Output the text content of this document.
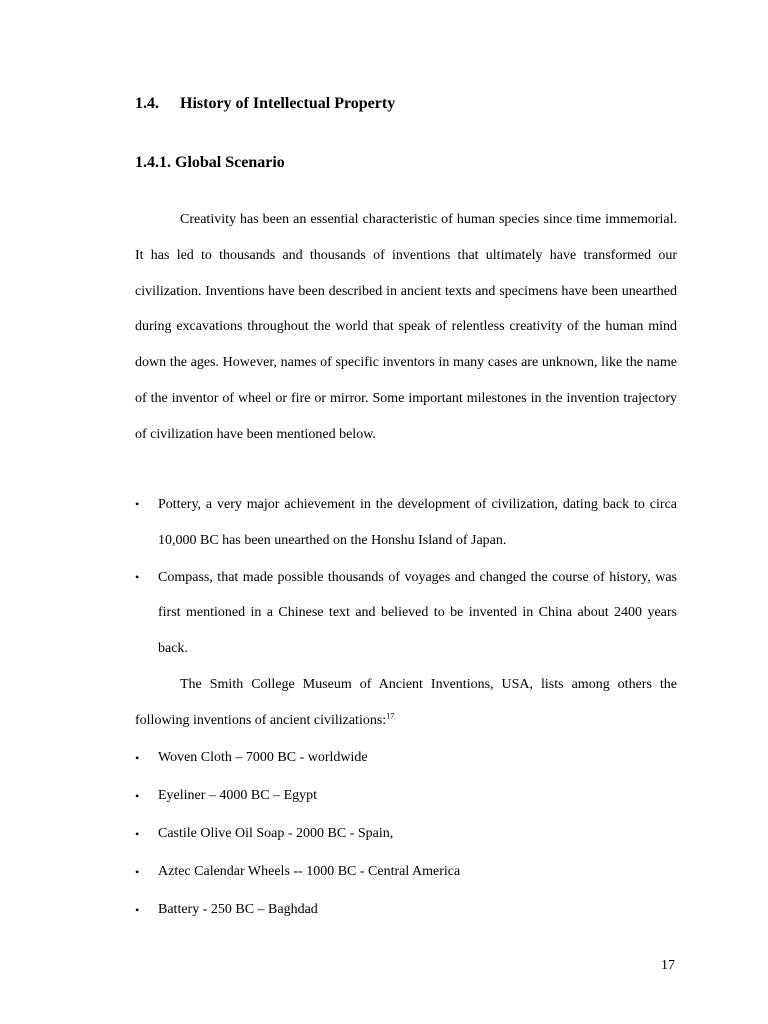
1.4. History of Intellectual Property
1.4.1. Global Scenario

Creativity has been an essential characteristic of human species since time immemorial. It has led to thousands and thousands of inventions that ultimately have transformed our civilization. Inventions have been described in ancient texts and specimens have been unearthed during excavations throughout the world that speak of relentless creativity of the human mind down the ages. However, names of specific inventors in many cases are unknown, like the name of the inventor of wheel or fire or mirror. Some important milestones in the invention trajectory of civilization have been mentioned below.

•	Pottery, a very major achievement in the development of civilization, dating back to circa 10,000 BC has been unearthed on the Honshu Island of Japan.
•	Compass, that made possible thousands of voyages and changed the course of history, was first mentioned in a Chinese text and believed to be invented in China about 2400 years back.

The Smith College Museum of Ancient Inventions, USA, lists among others the following inventions of ancient civilizations:$^{17}$

•	Woven Cloth – 7000 BC - worldwide
•	Eyeliner – 4000 BC – Egypt
•	Castile Olive Oil Soap - 2000 BC - Spain,
•	Aztec Calendar Wheels -- 1000 BC - Central America
•	Battery - 250 BC – Baghdad
17
